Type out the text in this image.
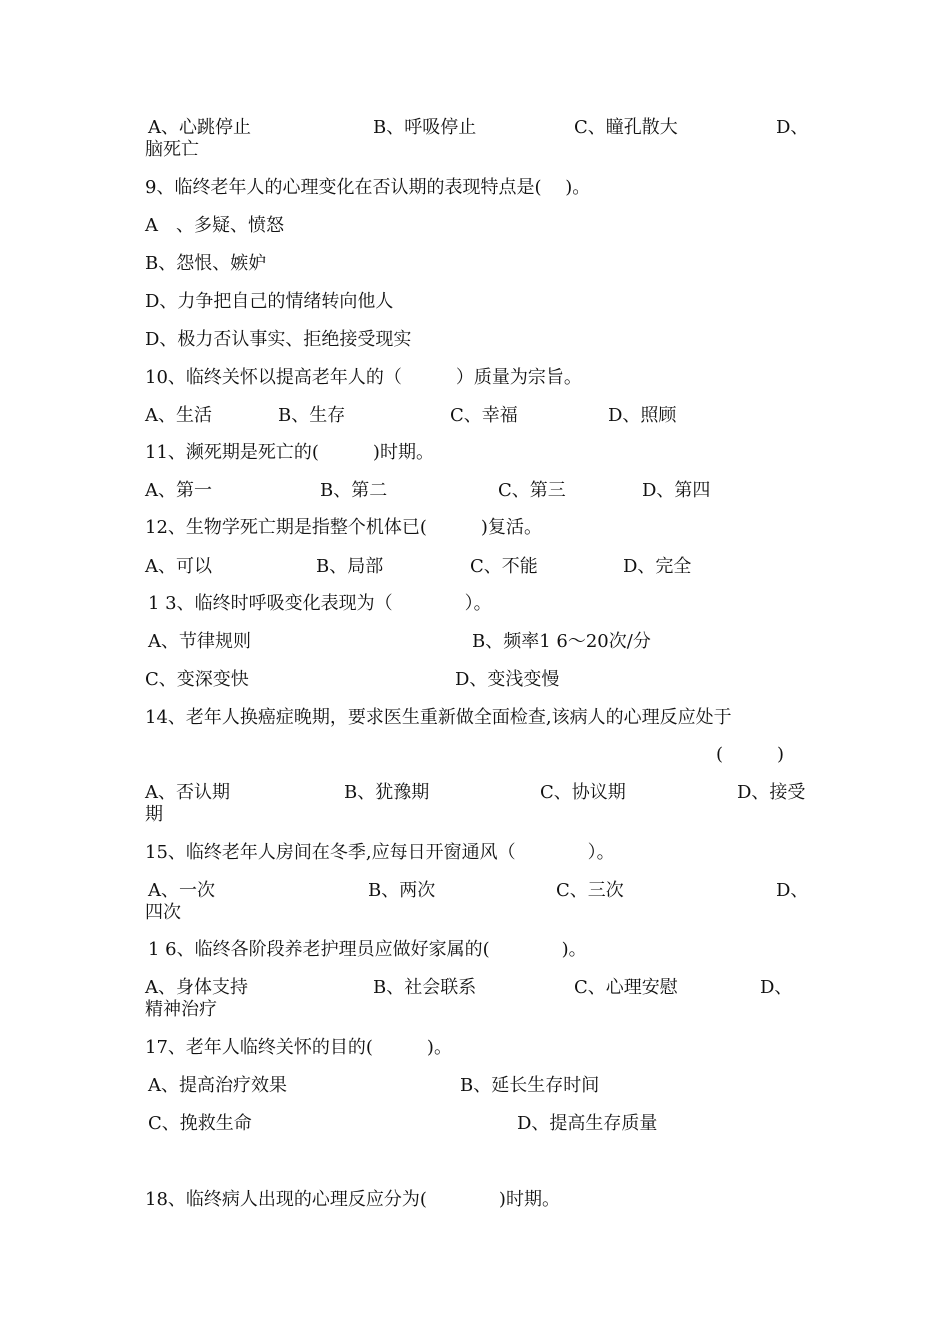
A、心跳停止	B、呼吸停止	C、瞳孔散大	D、
脑死亡
9、临终老年人的心理变化在否认期的表现特点是(　 )。
A　、多疑、愤怒
B、怨恨、嫉妒
D、力争把自己的情绪转向他人
D、极力否认事实、拒绝接受现实
10、临终关怀以提高老年人的（　　　）质量为宗旨。
A、生活	B、生存	C、幸福	D、照顾
11、濒死期是死亡的(　　　)时期。
A、第一	B、第二	C、第三	D、第四
12、生物学死亡期是指整个机体已(　　　)复活。
A、可以	B、局部	C、不能	D、完全
1 3、临终时呼吸变化表现为（　　　　）。
A、节律规则	B、频率1 6～20次/分
C、变深变快	D、变浅变慢
14、老年人换癌症晚期，要求医生重新做全面检查,该病人的心理反应处于
(　　　)
A、否认期	B、犹豫期	C、协议期	D、接受
期
15、临终老年人房间在冬季,应每日开窗通风（　　　　）。
A、一次	B、两次	C、三次	D、
四次
1 6、临终各阶段养老护理员应做好家属的(　　　　)。
A、身体支持	B、社会联系	C、心理安慰	D、
精神治疗
17、老年人临终关怀的目的(　　　)。
A、提高治疗效果	B、延长生存时间
C、挽救生命	D、提高生存质量
18、临终病人出现的心理反应分为(　　　　)时期。
